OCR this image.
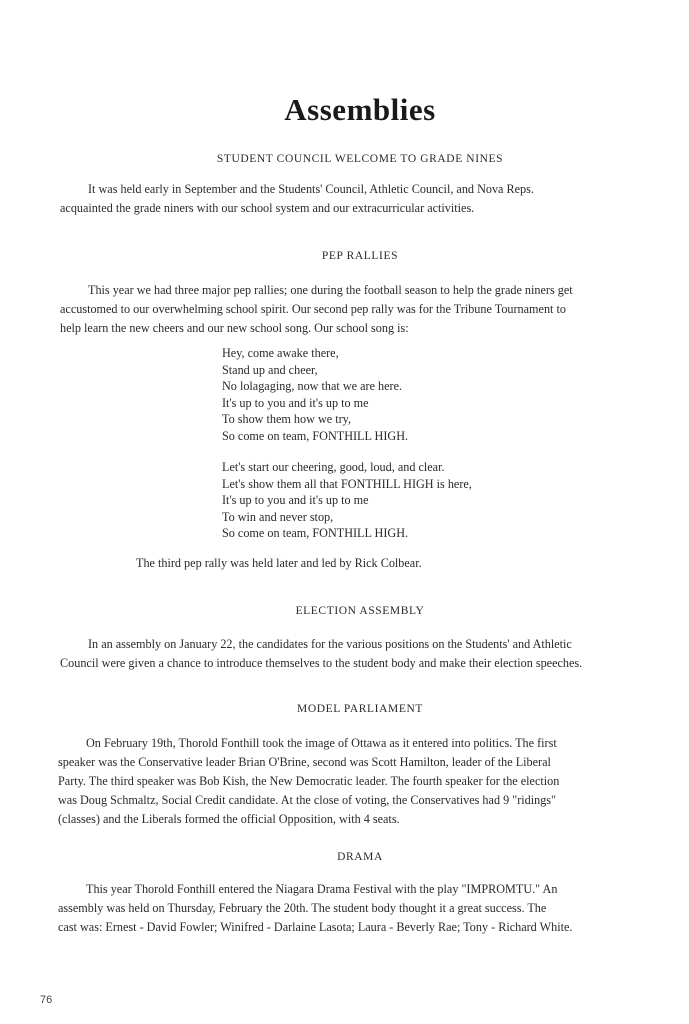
Assemblies
STUDENT COUNCIL WELCOME TO GRADE NINES
It was held early in September and the Students' Council, Athletic Council, and Nova Reps.
acquainted the grade niners with our school system and our extracurricular activities.
PEP RALLIES
This year we had three major pep rallies; one during the football season to help the grade niners get
accustomed to our overwhelming school spirit. Our second pep rally was for the Tribune Tournament to
help learn the new cheers and our new school song. Our school song is:
Hey, come awake there,
Stand up and cheer,
No lolagaging, now that we are here.
It's up to you and it's up to me
To show them how we try,
So come on team, FONTHILL HIGH.
Let's start our cheering, good, loud, and clear.
Let's show them all that FONTHILL HIGH is here,
It's up to you and it's up to me
To win and never stop,
So come on team, FONTHILL HIGH.
The third pep rally was held later and led by Rick Colbear.
ELECTION ASSEMBLY
In an assembly on January 22, the candidates for the various positions on the Students' and Athletic
Council were given a chance to introduce themselves to the student body and make their election speeches.
MODEL PARLIAMENT
On February 19th, Thorold Fonthill took the image of Ottawa as it entered into politics. The first
speaker was the Conservative leader Brian O'Brine, second was Scott Hamilton, leader of the Liberal
Party. The third speaker was Bob Kish, the New Democratic leader. The fourth speaker for the election
was Doug Schmaltz, Social Credit candidate. At the close of voting, the Conservatives had 9 "ridings"
(classes) and the Liberals formed the official Opposition, with 4 seats.
DRAMA
This year Thorold Fonthill entered the Niagara Drama Festival with the play "IMPROMTU." An
assembly was held on Thursday, February the 20th. The student body thought it a great success. The
cast was: Ernest - David Fowler; Winifred - Darlaine Lasota; Laura - Beverly Rae; Tony - Richard White.
76
